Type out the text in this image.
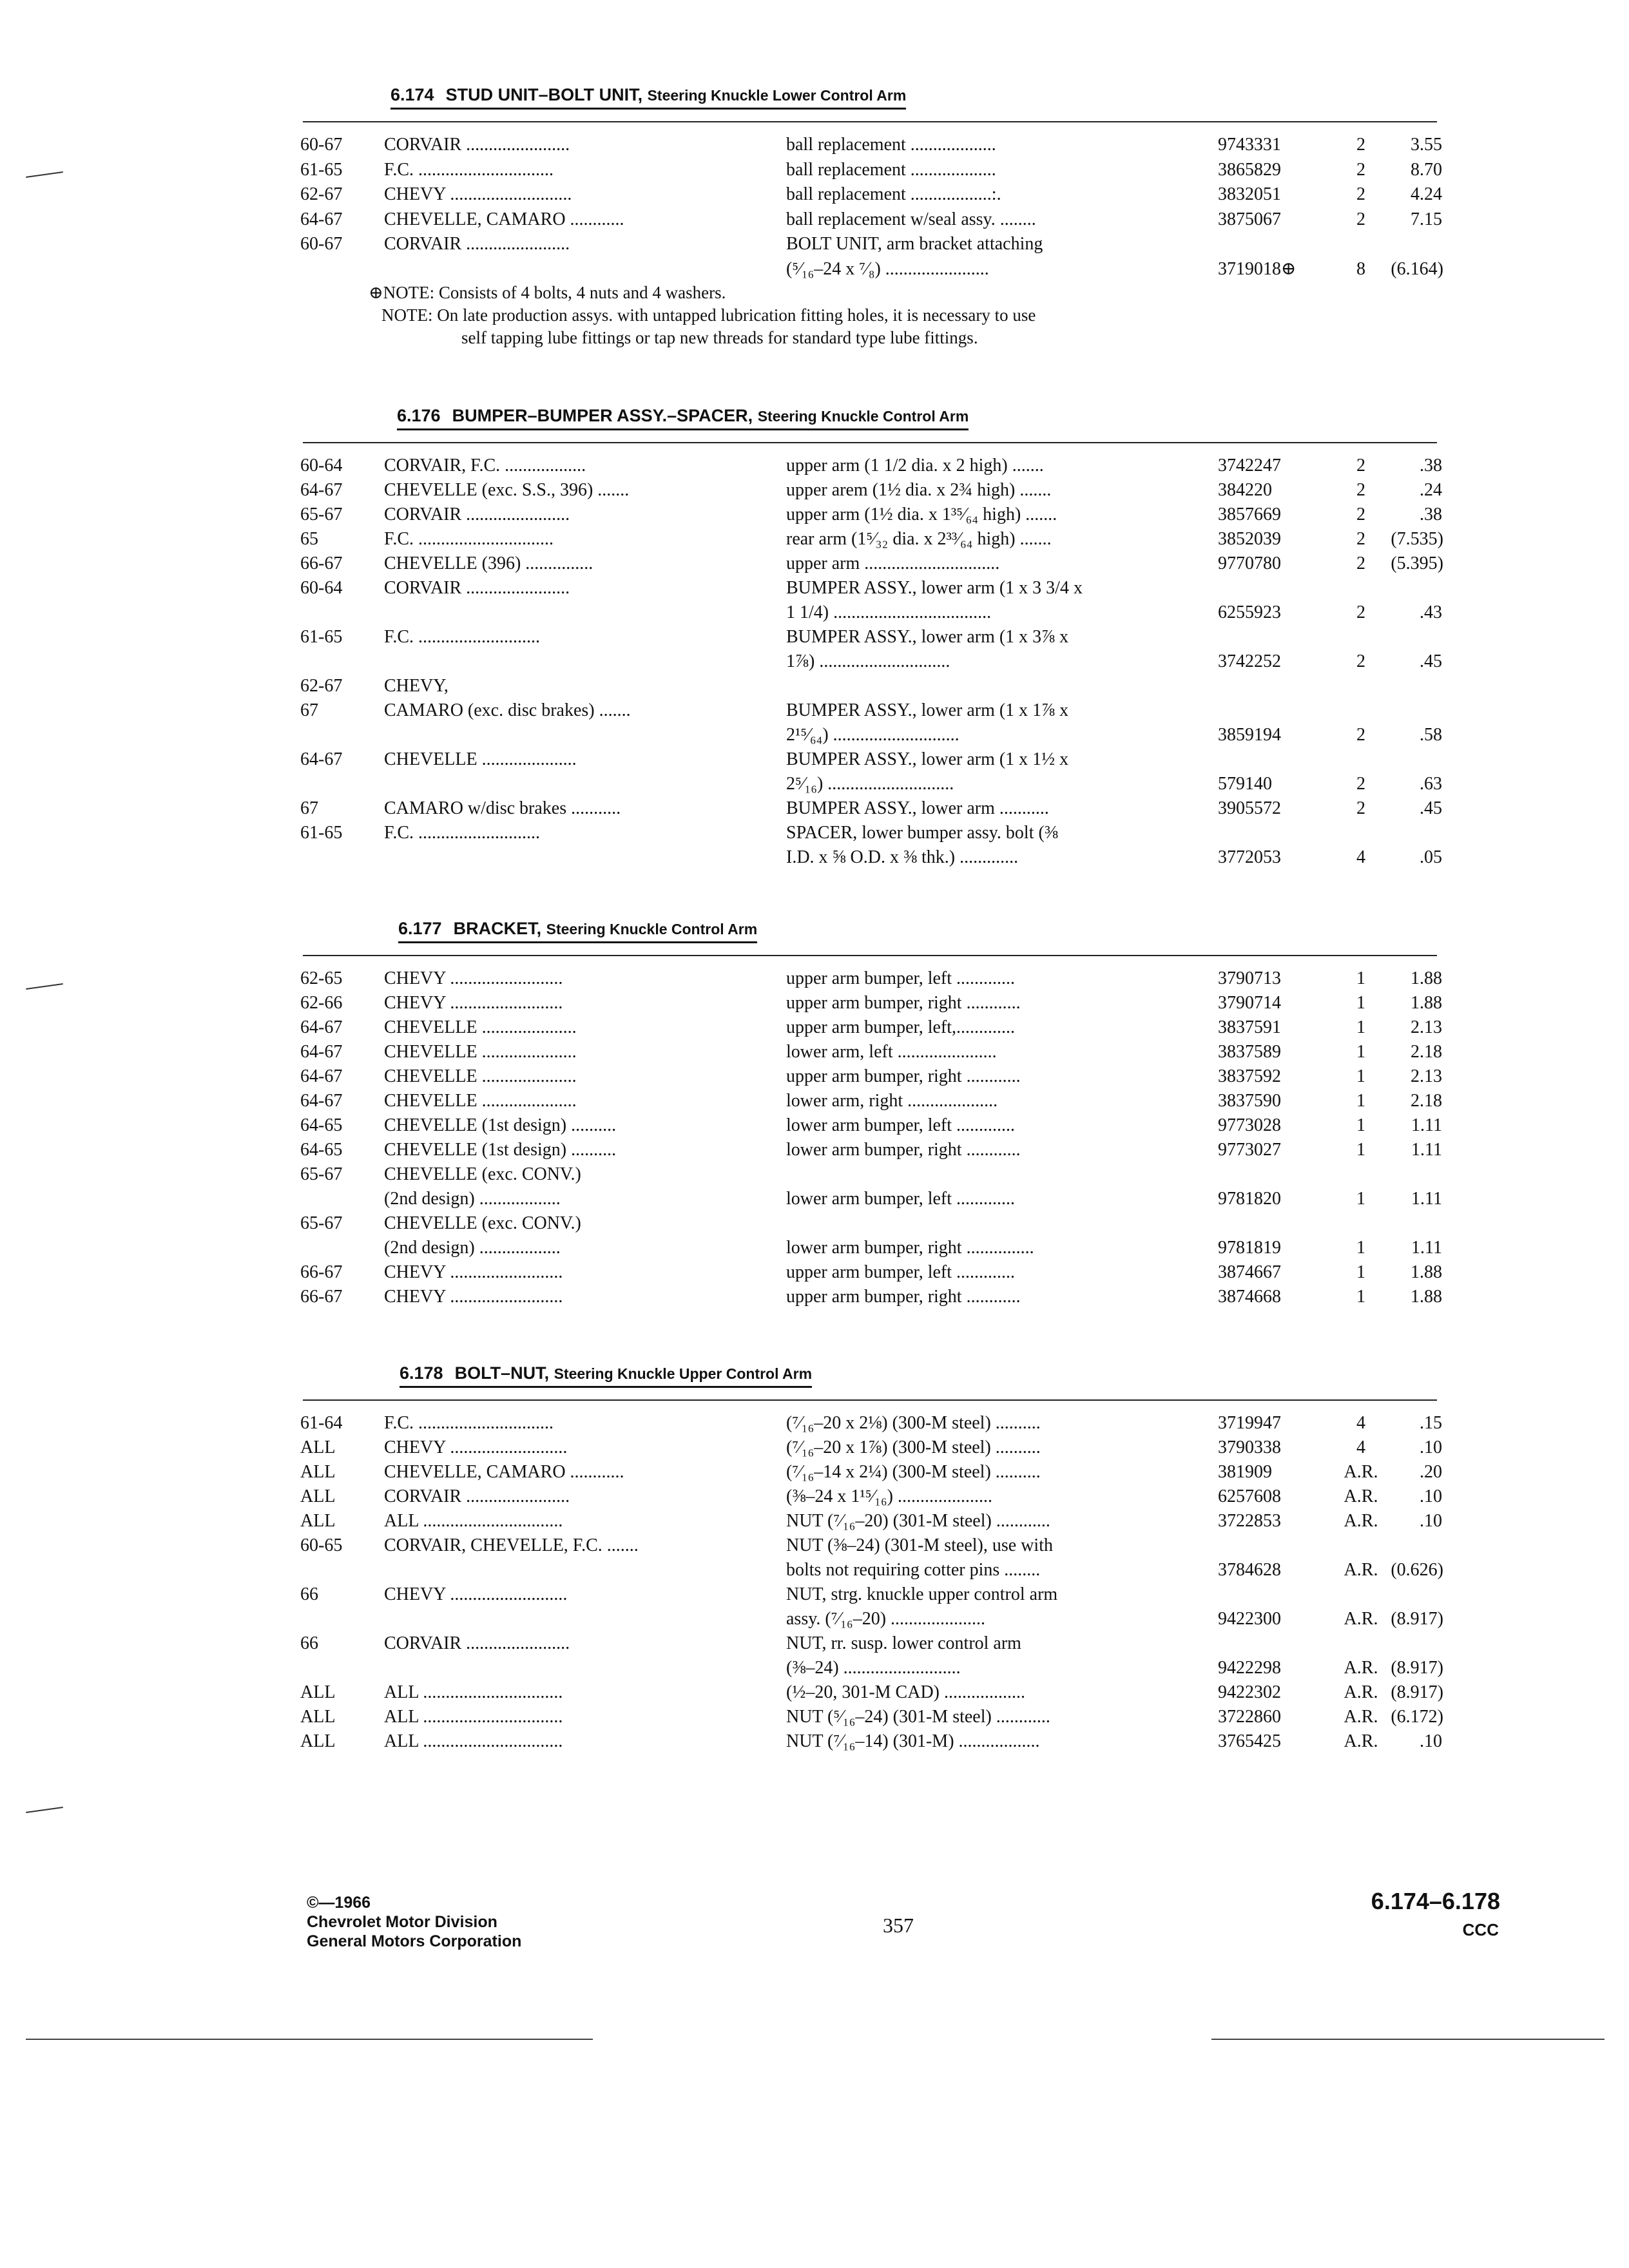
6.174 STUD UNIT–BOLT UNIT, Steering Knuckle Lower Control Arm
60-67	CORVAIR .......................	ball replacement ...................	9743331	2	3.55
61-65	F.C. ..............................	ball replacement ...................	3865829	2	8.70
62-67	CHEVY ...........................	ball replacement ..................:.	3832051	2	4.24
64-67	CHEVELLE, CAMARO ............	ball replacement w/seal assy. ........	3875067	2	7.15
60-67	CORVAIR .......................	BOLT UNIT, arm bracket attaching
(⁵⁄₁₆–24 x ⁷⁄₈) .......................	3719018⊕	8	(6.164)
⊕NOTE: Consists of 4 bolts, 4 nuts and 4 washers.
NOTE: On late production assys. with untapped lubrication fitting holes, it is necessary to use
self tapping lube fittings or tap new threads for standard type lube fittings.
6.176 BUMPER–BUMPER ASSY.–SPACER, Steering Knuckle Control Arm
60-64	CORVAIR, F.C. ..................	upper arm (1 1/2 dia. x 2 high) .......	3742247	2	.38
64-67	CHEVELLE (exc. S.S., 396) .......	upper arem (1½ dia. x 2¾ high) .......	384220	2	.24
65-67	CORVAIR .......................	upper arm (1½ dia. x 1³⁵⁄₆₄ high) .......	3857669	2	.38
65	F.C. ..............................	rear arm (1⁵⁄₃₂ dia. x 2³³⁄₆₄ high) .......	3852039	2	(7.535)
66-67	CHEVELLE (396) ...............	upper arm ..............................	9770780	2	(5.395)
60-64	CORVAIR .......................	BUMPER ASSY., lower arm (1 x 3 3/4 x
1 1/4) ...................................	6255923	2	.43
61-65	F.C. ...........................	BUMPER ASSY., lower arm (1 x 3⅞ x
1⅞) .............................	3742252	2	.45
62-67	CHEVY,
67	CAMARO (exc. disc brakes) .......	BUMPER ASSY., lower arm (1 x 1⅞ x
2¹⁵⁄₆₄) ............................	3859194	2	.58
64-67	CHEVELLE .....................	BUMPER ASSY., lower arm (1 x 1½ x
2⁵⁄₁₆) ............................	579140	2	.63
67	CAMARO w/disc brakes ...........	BUMPER ASSY., lower arm ...........	3905572	2	.45
61-65	F.C. ...........................	SPACER, lower bumper assy. bolt (⅜
I.D. x ⅝ O.D. x ⅜ thk.) .............	3772053	4	.05
6.177 BRACKET, Steering Knuckle Control Arm
62-65	CHEVY .........................	upper arm bumper, left .............	3790713	1	1.88
62-66	CHEVY .........................	upper arm bumper, right ............	3790714	1	1.88
64-67	CHEVELLE .....................	upper arm bumper, left,.............	3837591	1	2.13
64-67	CHEVELLE .....................	lower arm, left ......................	3837589	1	2.18
64-67	CHEVELLE .....................	upper arm bumper, right ............	3837592	1	2.13
64-67	CHEVELLE .....................	lower arm, right ....................	3837590	1	2.18
64-65	CHEVELLE (1st design) ..........	lower arm bumper, left .............	9773028	1	1.11
64-65	CHEVELLE (1st design) ..........	lower arm bumper, right ............	9773027	1	1.11
65-67	CHEVELLE (exc. CONV.)
(2nd design) ..................	lower arm bumper, left .............	9781820	1	1.11
65-67	CHEVELLE (exc. CONV.)
(2nd design) ..................	lower arm bumper, right ...............	9781819	1	1.11
66-67	CHEVY .........................	upper arm bumper, left .............	3874667	1	1.88
66-67	CHEVY .........................	upper arm bumper, right ............	3874668	1	1.88
6.178 BOLT–NUT, Steering Knuckle Upper Control Arm
61-64	F.C. ..............................	(⁷⁄₁₆–20 x 2⅛) (300-M steel) ..........	3719947	4	.15
ALL	CHEVY ..........................	(⁷⁄₁₆–20 x 1⅞) (300-M steel) ..........	3790338	4	.10
ALL	CHEVELLE, CAMARO ............	(⁷⁄₁₆–14 x 2¼) (300-M steel) ..........	381909	A.R.	.20
ALL	CORVAIR .......................	(⅜–24 x 1¹⁵⁄₁₆) .....................	6257608	A.R.	.10
ALL	ALL ...............................	NUT (⁷⁄₁₆–20) (301-M steel) ............	3722853	A.R.	.10
60-65	CORVAIR, CHEVELLE, F.C. .......	NUT (⅜–24) (301-M steel), use with
bolts not requiring cotter pins ........	3784628	A.R. (0.626)
66	CHEVY ..........................	NUT, strg. knuckle upper control arm
assy. (⁷⁄₁₆–20) .....................	9422300	A.R. (8.917)
66	CORVAIR .......................	NUT, rr. susp. lower control arm
(⅜–24) ..........................	9422298	A.R. (8.917)
ALL	ALL ...............................	(½–20, 301-M CAD) ..................	9422302	A.R. (8.917)
ALL	ALL ...............................	NUT (⁵⁄₁₆–24) (301-M steel) ............	3722860	A.R. (6.172)
ALL	ALL ...............................	NUT (⁷⁄₁₆–14) (301-M) ..................	3765425	A.R.	.10
©—1966
Chevrolet Motor Division
General Motors Corporation
357
6.174–6.178
CCC
